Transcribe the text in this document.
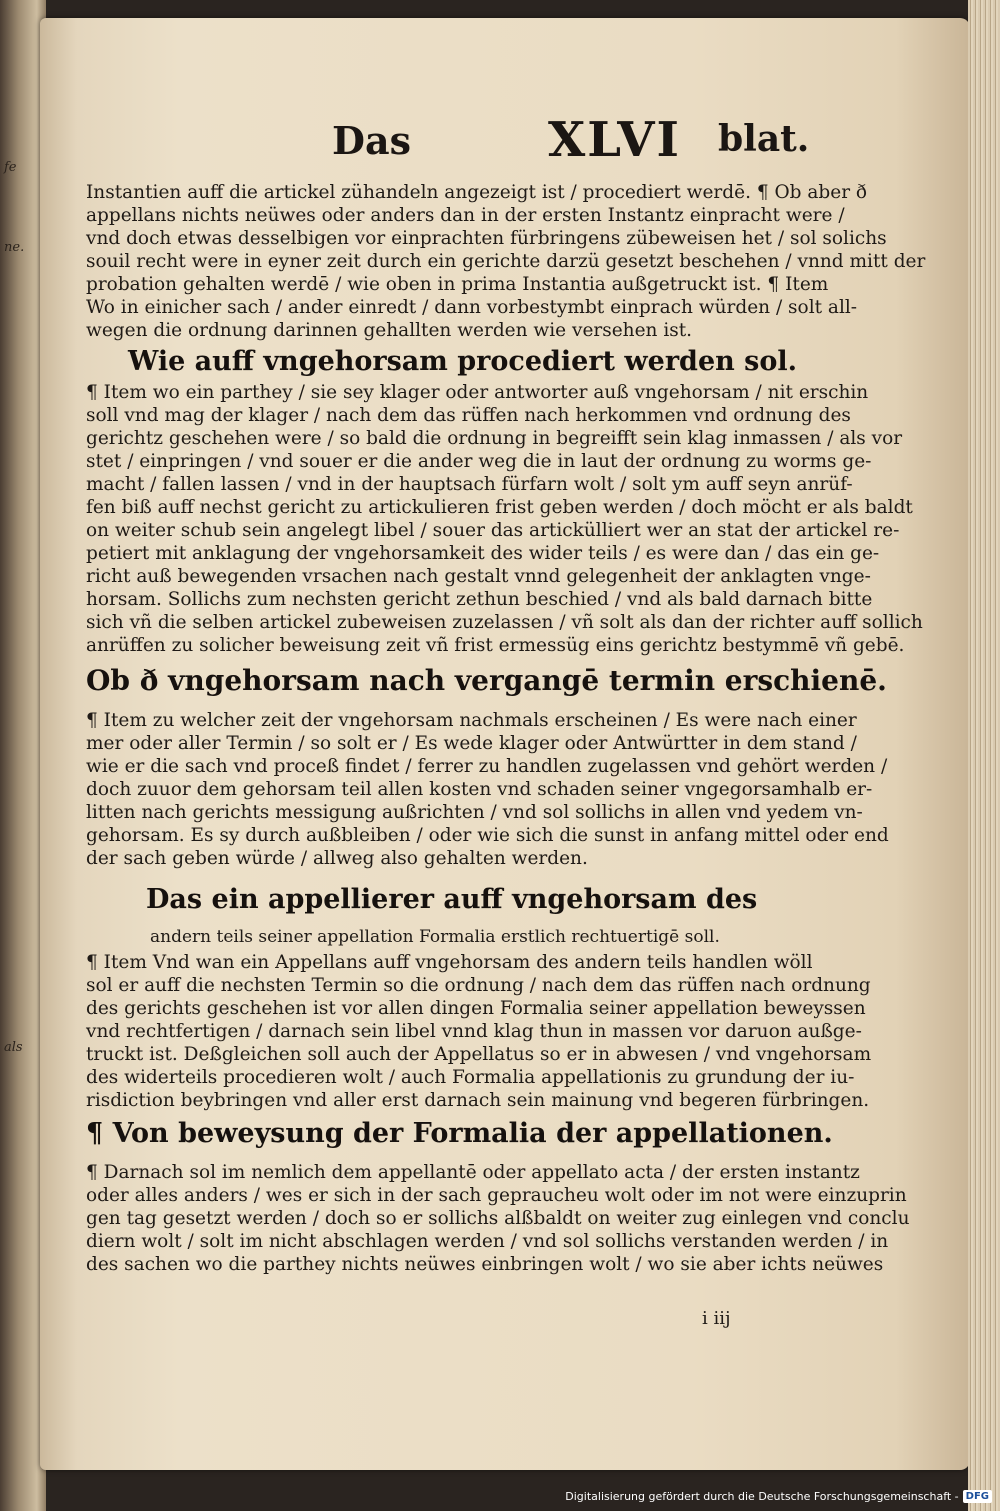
fe
ne.
als
Das	XLVI blat.
Instantien auff die artickel zühandeln angezeigt ist / procediert werdē. ¶ Ob aber ð
appellans nichts neüwes oder anders dan in der ersten Instantz einpracht were /
vnd doch etwas desselbigen vor einprachten fürbringens zübeweisen het / sol solichs
souil recht were in eyner zeit durch ein gerichte darzü gesetzt beschehen / vnnd mitt der
probation gehalten werdē / wie oben in prima Instantia außgetruckt ist. ¶ Item
Wo in einicher sach / ander einredt / dann vorbestymbt einprach würden / solt all-
wegen die ordnung darinnen gehallten werden wie versehen ist.
Wie auff vngehorsam procediert werden sol.
¶ Item wo ein parthey / sie sey klager oder antworter auß vngehorsam / nit erschin
soll vnd mag der klager / nach dem das rüffen nach herkommen vnd ordnung des
gerichtz geschehen were / so bald die ordnung in begreifft sein klag inmassen / als vor
stet / einpringen / vnd souer er die ander weg die in laut der ordnung zu worms ge-
macht / fallen lassen / vnd in der hauptsach fürfarn wolt / solt ym auff seyn anrüf-
fen biß auff nechst gericht zu artickulieren frist geben werden / doch möcht er als baldt
on weiter schub sein angelegt libel / souer das artickülliert wer an stat der artickel re-
petiert mit anklagung der vngehorsamkeit des wider teils / es were dan / das ein ge-
richt auß bewegenden vrsachen nach gestalt vnnd gelegenheit der anklagten vnge-
horsam. Sollichs zum nechsten gericht zethun beschied / vnd als bald darnach bitte
sich vñ die selben artickel zubeweisen zuzelassen / vñ solt als dan der richter auff sollich
anrüffen zu solicher beweisung zeit vñ frist ermessüg eins gerichtz bestymmē vñ gebē.
Ob ð vngehorsam nach vergangē termin erschienē.
¶ Item zu welcher zeit der vngehorsam nachmals erscheinen / Es were nach einer
mer oder aller Termin / so solt er / Es wede klager oder Antwürtter in dem stand /
wie er die sach vnd proceß findet / ferrer zu handlen zugelassen vnd gehört werden /
doch zuuor dem gehorsam teil allen kosten vnd schaden seiner vngegorsamhalb er-
litten nach gerichts messigung außrichten / vnd sol sollichs in allen vnd yedem vn-
gehorsam. Es sy durch außbleiben / oder wie sich die sunst in anfang mittel oder end
der sach geben würde / allweg also gehalten werden.
Das ein appellierer auff vngehorsam des
andern teils seiner appellation Formalia erstlich rechtuertigē soll.
¶ Item Vnd wan ein Appellans auff vngehorsam des andern teils handlen wöll
sol er auff die nechsten Termin so die ordnung / nach dem das rüffen nach ordnung
des gerichts geschehen ist vor allen dingen Formalia seiner appellation beweyssen
vnd rechtfertigen / darnach sein libel vnnd klag thun in massen vor daruon außge-
truckt ist. Deßgleichen soll auch der Appellatus so er in abwesen / vnd vngehorsam
des widerteils procedieren wolt / auch Formalia appellationis zu grundung der iu-
risdiction beybringen vnd aller erst darnach sein mainung vnd begeren fürbringen.
¶ Von beweysung der Formalia der appellationen.
¶ Darnach sol im nemlich dem appellantē oder appellato acta / der ersten instantz
oder alles anders / wes er sich in der sach gepraucheu wolt oder im not were einzuprin
gen tag gesetzt werden / doch so er sollichs alßbaldt on weiter zug einlegen vnd conclu
diern wolt / solt im nicht abschlagen werden / vnd sol sollichs verstanden werden / in
des sachen wo die parthey nichts neüwes einbringen wolt / wo sie aber ichts neüwes
i iij
Digitalisierung gefördert durch die Deutsche Forschungsgemeinschaft - DFG
